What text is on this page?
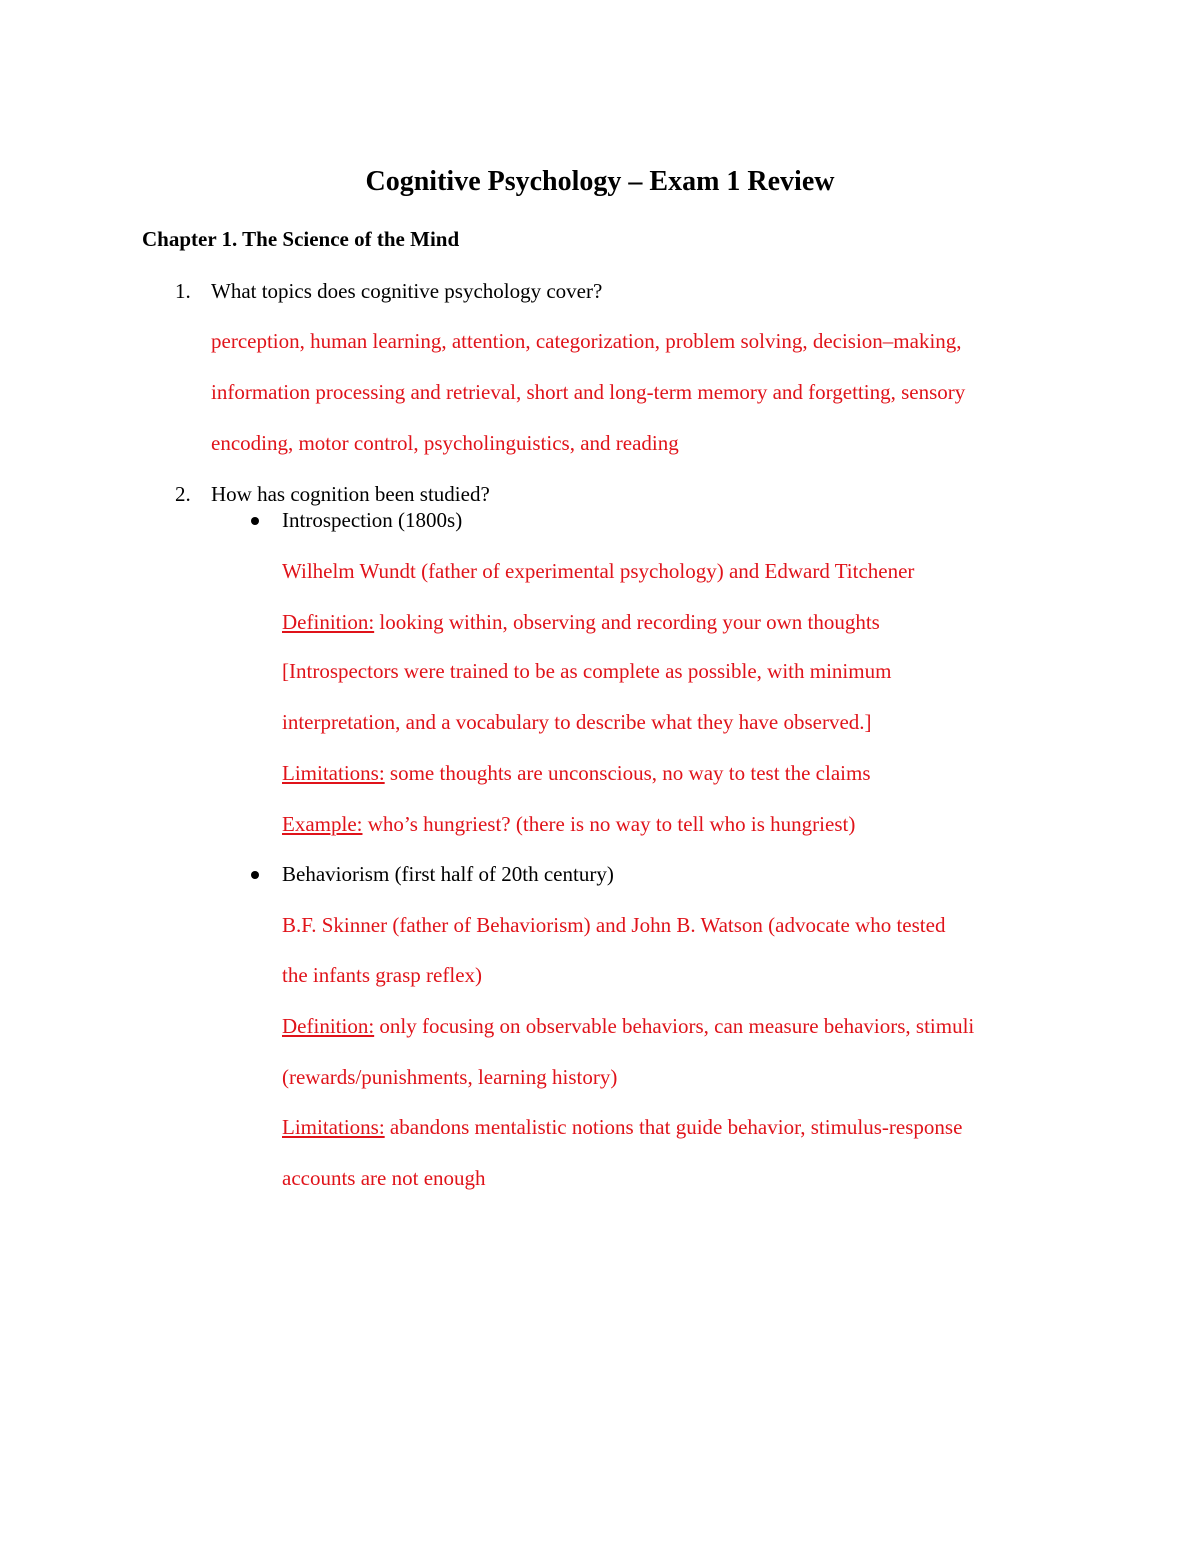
Cognitive Psychology – Exam 1 Review
Chapter 1. The Science of the Mind
1. What topics does cognitive psychology cover?
perception, human learning, attention, categorization, problem solving, decision–making,
information processing and retrieval, short and long-term memory and forgetting, sensory
encoding, motor control, psycholinguistics, and reading
2. How has cognition been studied?
Introspection (1800s)
Wilhelm Wundt (father of experimental psychology) and Edward Titchener
Definition: looking within, observing and recording your own thoughts
[Introspectors were trained to be as complete as possible, with minimum
interpretation, and a vocabulary to describe what they have observed.]
Limitations: some thoughts are unconscious, no way to test the claims
Example: who’s hungriest? (there is no way to tell who is hungriest)
Behaviorism (first half of 20th century)
B.F. Skinner (father of Behaviorism) and John B. Watson (advocate who tested
the infants grasp reflex)
Definition: only focusing on observable behaviors, can measure behaviors, stimuli
(rewards/punishments, learning history)
Limitations: abandons mentalistic notions that guide behavior, stimulus-response
accounts are not enough
